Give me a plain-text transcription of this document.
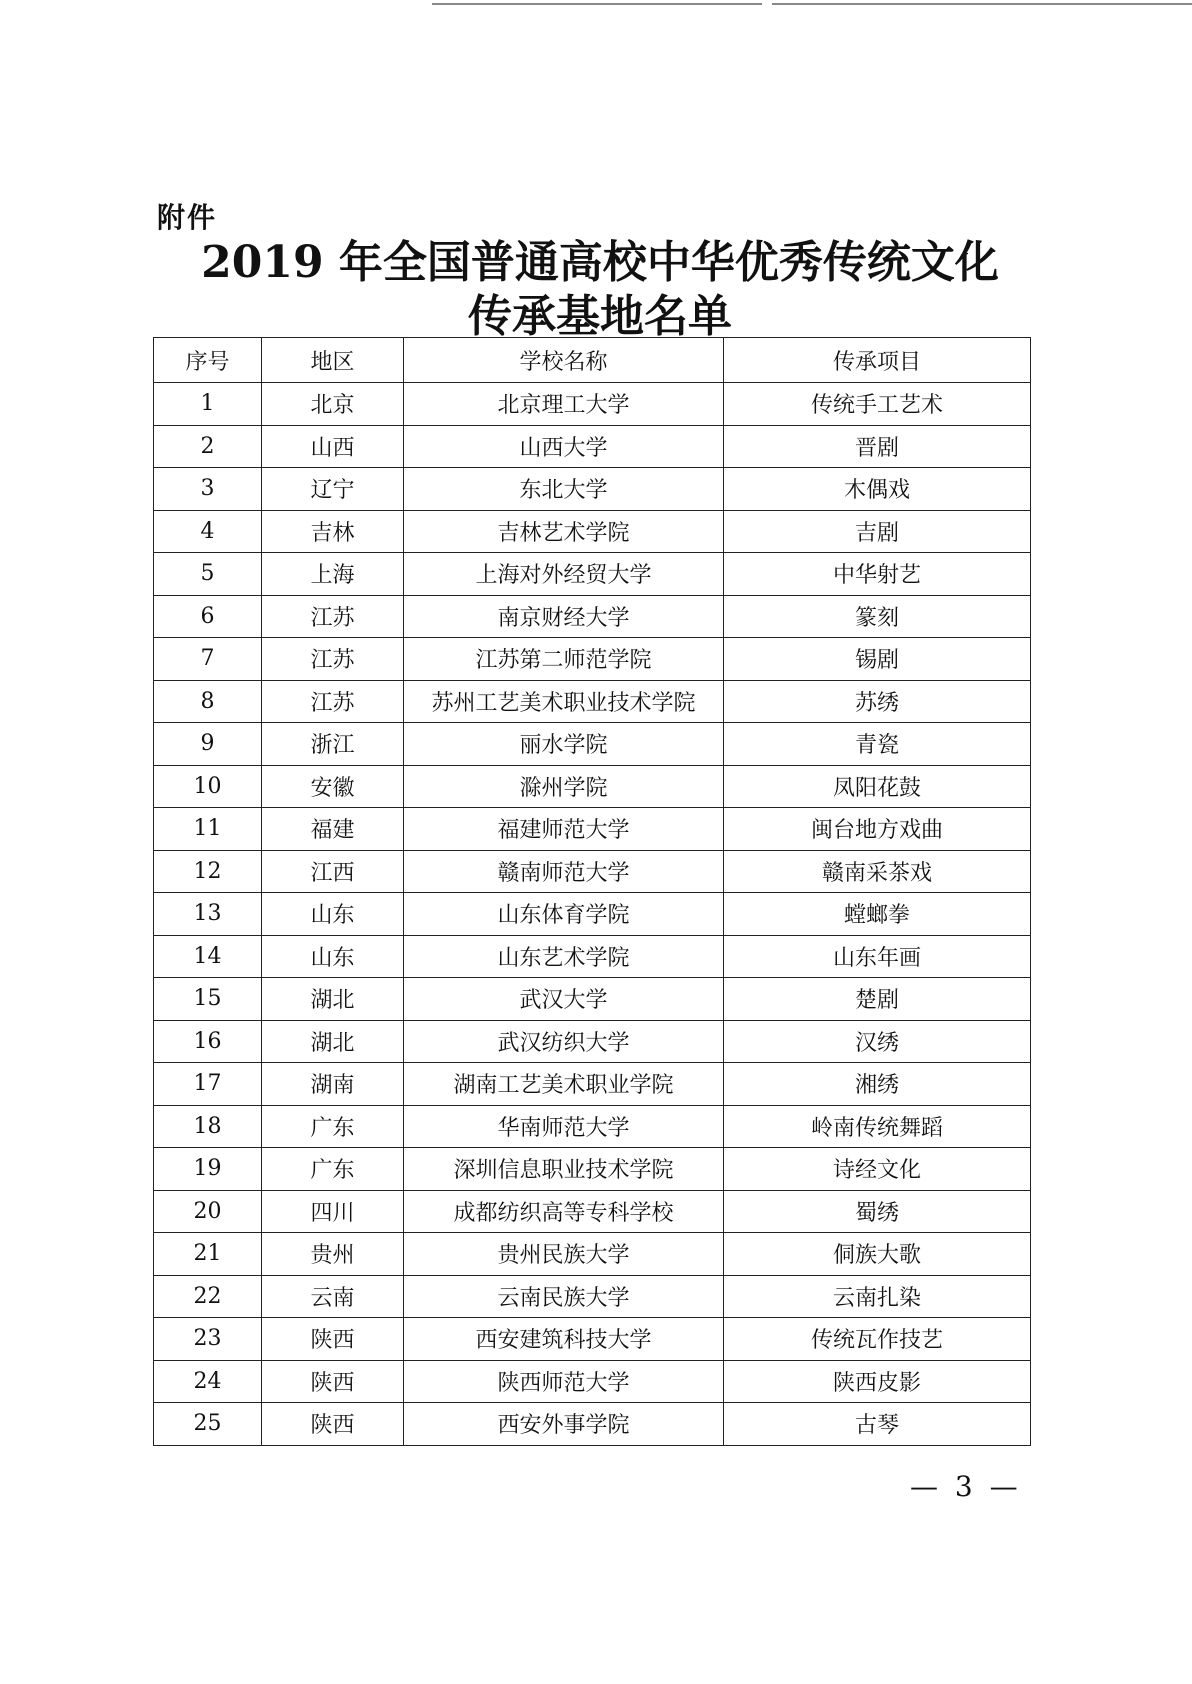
附件
2019 年全国普通高校中华优秀传统文化
传承基地名单
序号	地区	学校名称	传承项目
1	北京	北京理工大学	传统手工艺术
2	山西	山西大学	晋剧
3	辽宁	东北大学	木偶戏
4	吉林	吉林艺术学院	吉剧
5	上海	上海对外经贸大学	中华射艺
6	江苏	南京财经大学	篆刻
7	江苏	江苏第二师范学院	锡剧
8	江苏	苏州工艺美术职业技术学院	苏绣
9	浙江	丽水学院	青瓷
10	安徽	滁州学院	凤阳花鼓
11	福建	福建师范大学	闽台地方戏曲
12	江西	赣南师范大学	赣南采茶戏
13	山东	山东体育学院	螳螂拳
14	山东	山东艺术学院	山东年画
15	湖北	武汉大学	楚剧
16	湖北	武汉纺织大学	汉绣
17	湖南	湖南工艺美术职业学院	湘绣
18	广东	华南师范大学	岭南传统舞蹈
19	广东	深圳信息职业技术学院	诗经文化
20	四川	成都纺织高等专科学校	蜀绣
21	贵州	贵州民族大学	侗族大歌
22	云南	云南民族大学	云南扎染
23	陕西	西安建筑科技大学	传统瓦作技艺
24	陕西	陕西师范大学	陕西皮影
25	陕西	西安外事学院	古琴
— 3 —
